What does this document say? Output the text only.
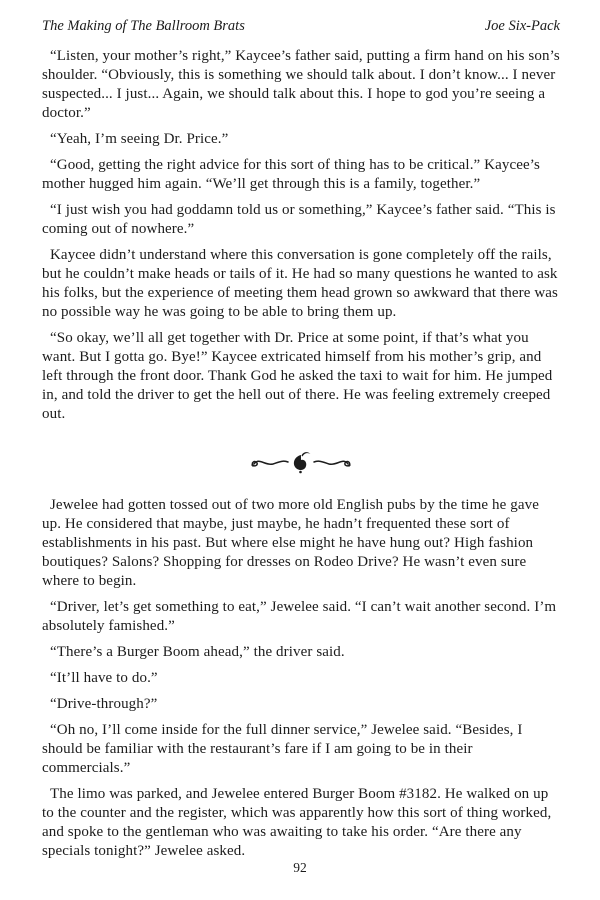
The Making of The Ballroom Brats	Joe Six-Pack

“Listen, your mother’s right,” Kaycee’s father said, putting a firm hand on his son’s shoulder. “Obviously, this is something we should talk about. I don’t know... I never suspected... I just... Again, we should talk about this. I hope to god you’re seeing a doctor.”

“Yeah, I’m seeing Dr. Price.”

“Good, getting the right advice for this sort of thing has to be critical.” Kaycee’s mother hugged him again. “We’ll get through this is a family, together.”

“I just wish you had goddamn told us or something,” Kaycee’s father said. “This is coming out of nowhere.”

Kaycee didn’t understand where this conversation is gone completely off the rails, but he couldn’t make heads or tails of it. He had so many questions he wanted to ask his folks, but the experience of meeting them head grown so awkward that there was no possible way he was going to be able to bring them up.

“So okay, we’ll all get together with Dr. Price at some point, if that’s what you want. But I gotta go. Bye!” Kaycee extricated himself from his mother’s grip, and left through the front door. Thank God he asked the taxi to wait for him. He jumped in, and told the driver to get the hell out of there. He was feeling extremely creeped out.

Jewelee had gotten tossed out of two more old English pubs by the time he gave up. He considered that maybe, just maybe, he hadn’t frequented these sort of establishments in his past. But where else might he have hung out? High fashion boutiques? Salons? Shopping for dresses on Rodeo Drive? He wasn’t even sure where to begin.

“Driver, let’s get something to eat,” Jewelee said. “I can’t wait another second. I’m absolutely famished.”

“There’s a Burger Boom ahead,” the driver said.

“It’ll have to do.”

“Drive-through?”

“Oh no, I’ll come inside for the full dinner service,” Jewelee said. “Besides, I should be familiar with the restaurant’s fare if I am going to be in their commercials.”

The limo was parked, and Jewelee entered Burger Boom #3182. He walked on up to the counter and the register, which was apparently how this sort of thing worked, and spoke to the gentleman who was awaiting to take his order. “Are there any specials tonight?” Jewelee asked.

92
